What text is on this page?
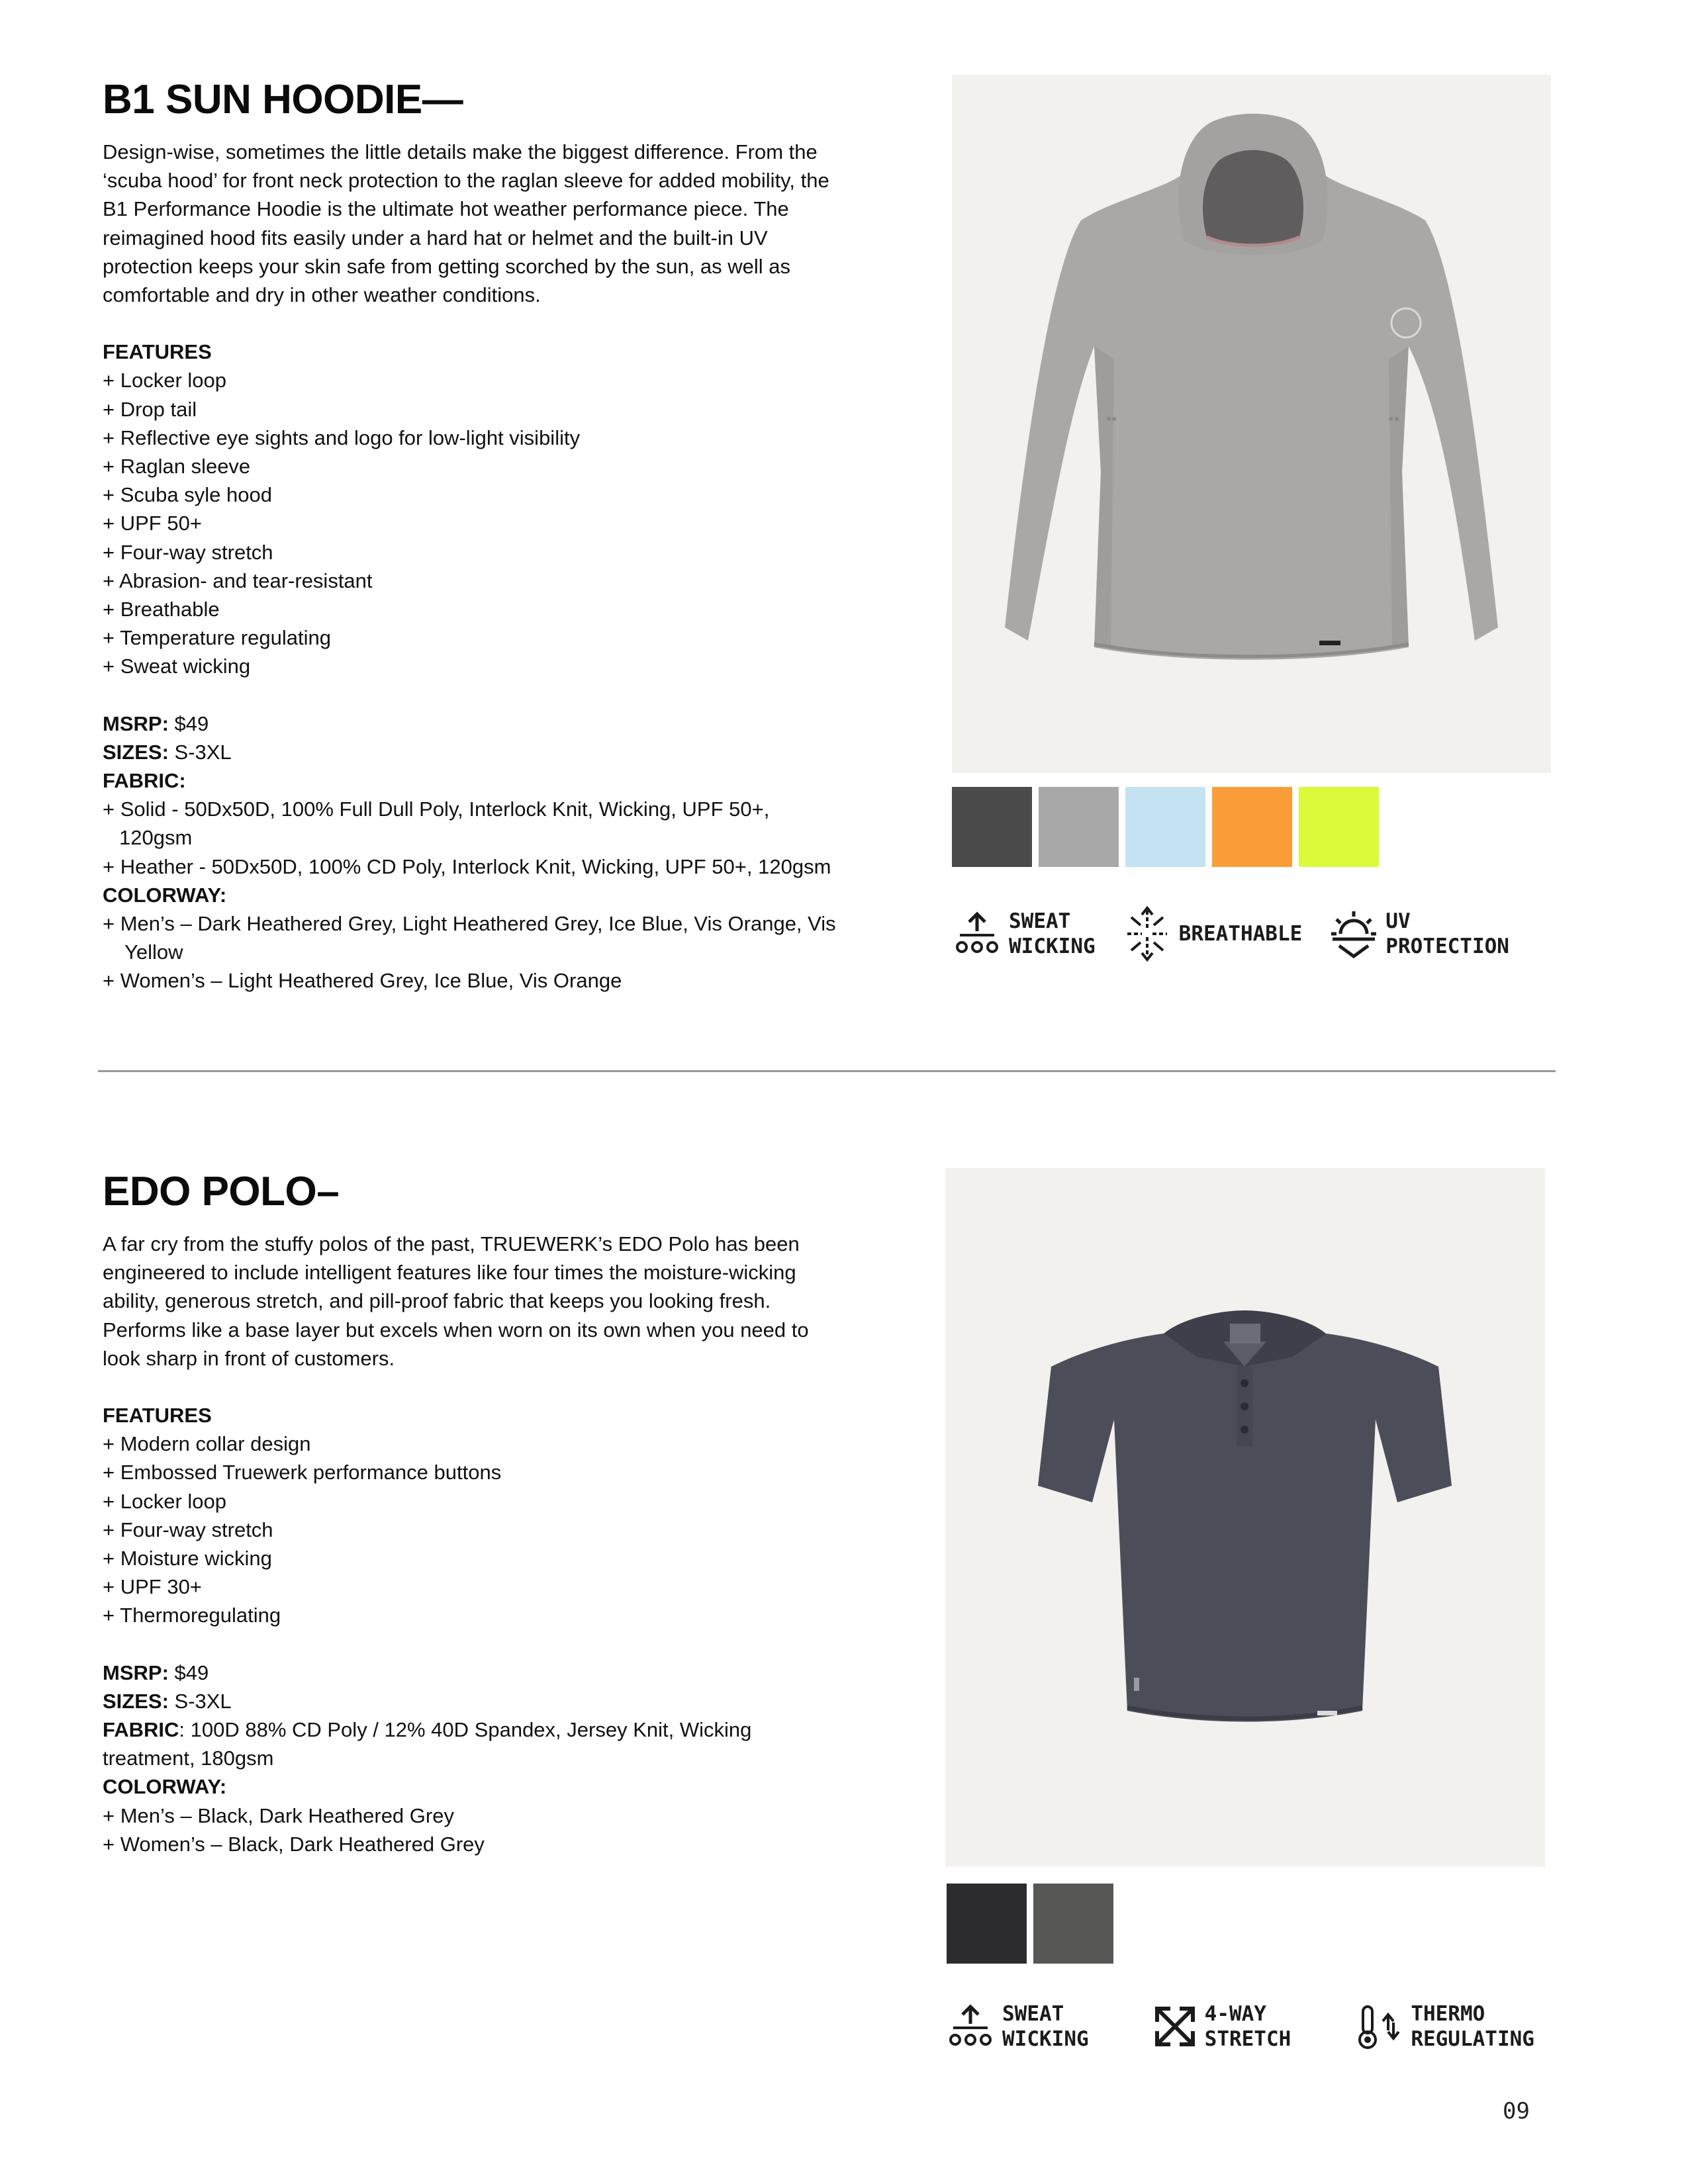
B1 SUN HOODIE—

Design-wise, sometimes the little details make the biggest difference. From the ‘scuba hood’ for front neck protection to the raglan sleeve for added mobility, the B1 Performance Hoodie is the ultimate hot weather performance piece. The reimagined hood fits easily under a hard hat or helmet and the built-in UV protection keeps your skin safe from getting scorched by the sun, as well as comfortable and dry in other weather conditions.

FEATURES
+ Locker loop
+ Drop tail
+ Reflective eye sights and logo for low-light visibility
+ Raglan sleeve
+ Scuba syle hood
+ UPF 50+
+ Four-way stretch
+ Abrasion- and tear-resistant
+ Breathable
+ Temperature regulating
+ Sweat wicking
MSRP: $49
SIZES: S-3XL
FABRIC:
+ Solid - 50Dx50D, 100% Full Dull Poly, Interlock Knit, Wicking, UPF 50+, 120gsm
+ Heather - 50Dx50D, 100% CD Poly, Interlock Knit, Wicking, UPF 50+, 120gsm
COLORWAY:
+ Men’s – Dark Heathered Grey, Light Heathered Grey, Ice Blue, Vis Orange, Vis Yellow
+ Women’s – Light Heathered Grey, Ice Blue, Vis Orange
SWEAT
WICKING
BREATHABLE
UV
PROTECTION
EDO POLO–

A far cry from the stuffy polos of the past, TRUEWERK’s EDO Polo has been engineered to include intelligent features like four times the moisture-wicking ability, generous stretch, and pill-proof fabric that keeps you looking fresh. Performs like a base layer but excels when worn on its own when you need to look sharp in front of customers.

FEATURES
+ Modern collar design
+ Embossed Truewerk performance buttons
+ Locker loop
+ Four-way stretch
+ Moisture wicking
+ UPF 30+
+ Thermoregulating
MSRP: $49
SIZES: S-3XL
FABRIC: 100D 88% CD Poly / 12% 40D Spandex, Jersey Knit, Wicking treatment, 180gsm
COLORWAY:
+ Men’s – Black, Dark Heathered Grey
+ Women’s – Black, Dark Heathered Grey
SWEAT
WICKING
4-WAY
STRETCH
THERMO
REGULATING
09
